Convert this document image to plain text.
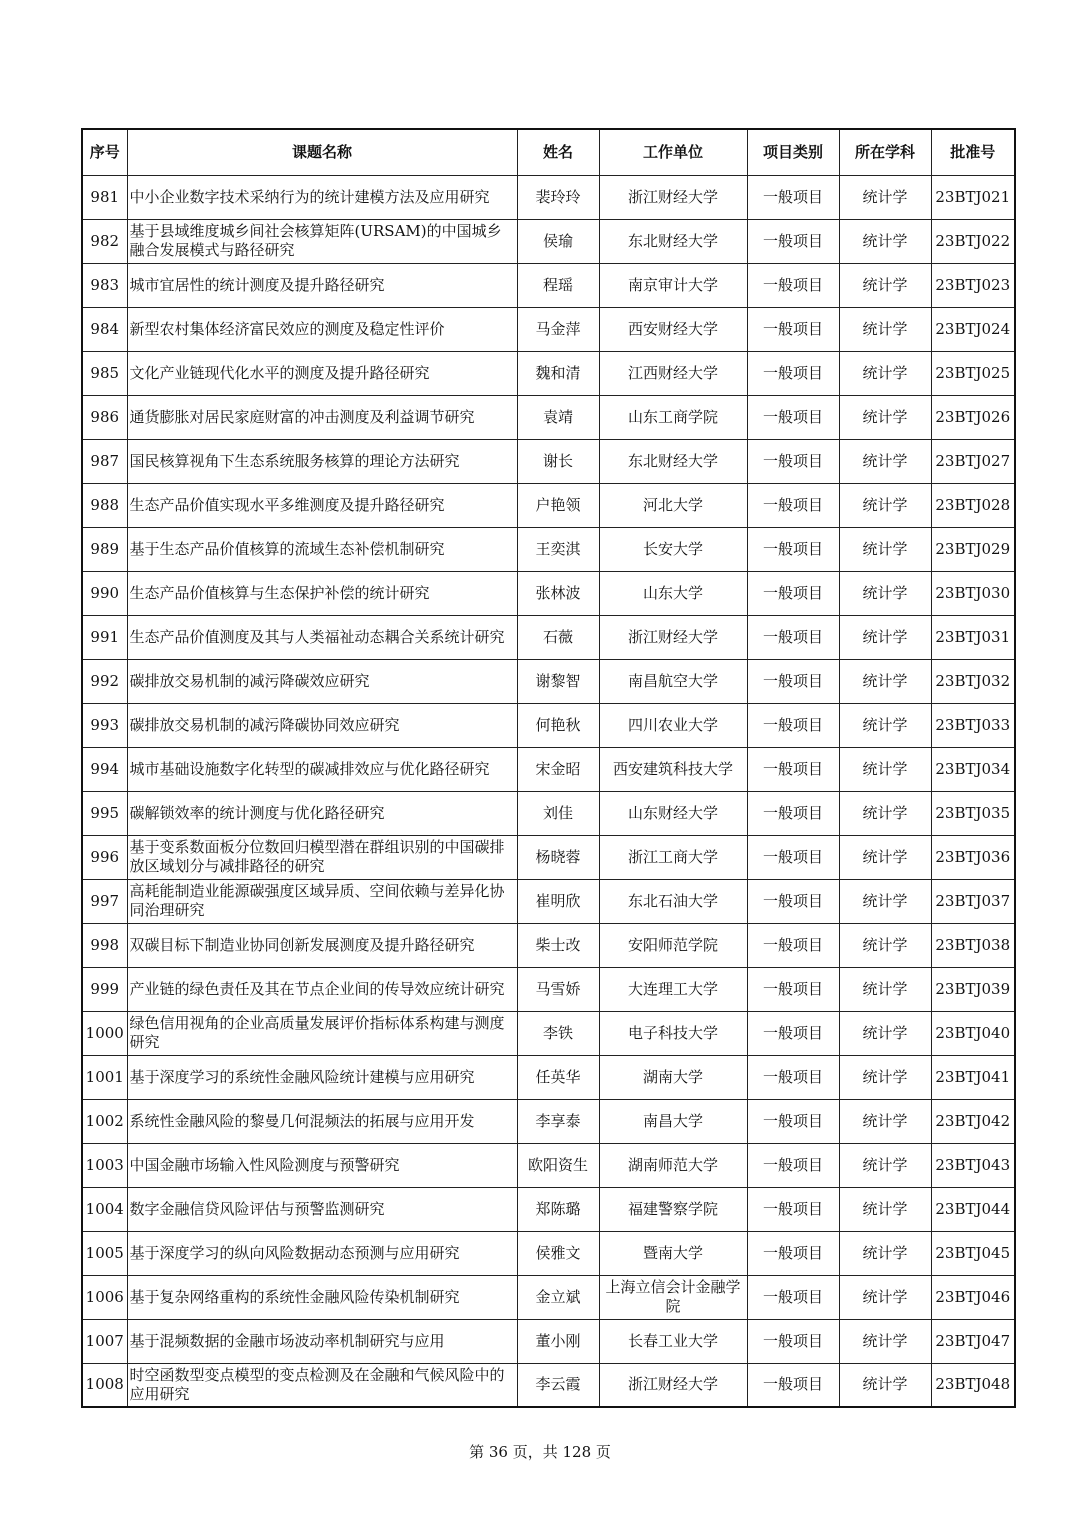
序号	课题名称	姓名	工作单位	项目类别	所在学科	批准号
981	中小企业数字技术采纳行为的统计建模方法及应用研究	裴玲玲	浙江财经大学	一般项目	统计学	23BTJ021
982	基于县域维度城乡间社会核算矩阵(URSAM)的中国城乡融合发展模式与路径研究	侯瑜	东北财经大学	一般项目	统计学	23BTJ022
983	城市宜居性的统计测度及提升路径研究	程瑶	南京审计大学	一般项目	统计学	23BTJ023
984	新型农村集体经济富民效应的测度及稳定性评价	马金萍	西安财经大学	一般项目	统计学	23BTJ024
985	文化产业链现代化水平的测度及提升路径研究	魏和清	江西财经大学	一般项目	统计学	23BTJ025
986	通货膨胀对居民家庭财富的冲击测度及利益调节研究	袁靖	山东工商学院	一般项目	统计学	23BTJ026
987	国民核算视角下生态系统服务核算的理论方法研究	谢长	东北财经大学	一般项目	统计学	23BTJ027
988	生态产品价值实现水平多维测度及提升路径研究	户艳领	河北大学	一般项目	统计学	23BTJ028
989	基于生态产品价值核算的流域生态补偿机制研究	王奕淇	长安大学	一般项目	统计学	23BTJ029
990	生态产品价值核算与生态保护补偿的统计研究	张林波	山东大学	一般项目	统计学	23BTJ030
991	生态产品价值测度及其与人类福祉动态耦合关系统计研究	石薇	浙江财经大学	一般项目	统计学	23BTJ031
992	碳排放交易机制的减污降碳效应研究	谢黎智	南昌航空大学	一般项目	统计学	23BTJ032
993	碳排放交易机制的减污降碳协同效应研究	何艳秋	四川农业大学	一般项目	统计学	23BTJ033
994	城市基础设施数字化转型的碳减排效应与优化路径研究	宋金昭	西安建筑科技大学	一般项目	统计学	23BTJ034
995	碳解锁效率的统计测度与优化路径研究	刘佳	山东财经大学	一般项目	统计学	23BTJ035
996	基于变系数面板分位数回归模型潜在群组识别的中国碳排放区域划分与减排路径的研究	杨晓蓉	浙江工商大学	一般项目	统计学	23BTJ036
997	高耗能制造业能源碳强度区域异质、空间依赖与差异化协同治理研究	崔明欣	东北石油大学	一般项目	统计学	23BTJ037
998	双碳目标下制造业协同创新发展测度及提升路径研究	柴士改	安阳师范学院	一般项目	统计学	23BTJ038
999	产业链的绿色责任及其在节点企业间的传导效应统计研究	马雪娇	大连理工大学	一般项目	统计学	23BTJ039
1000	绿色信用视角的企业高质量发展评价指标体系构建与测度研究	李铁	电子科技大学	一般项目	统计学	23BTJ040
1001	基于深度学习的系统性金融风险统计建模与应用研究	任英华	湖南大学	一般项目	统计学	23BTJ041
1002	系统性金融风险的黎曼几何混频法的拓展与应用开发	李享泰	南昌大学	一般项目	统计学	23BTJ042
1003	中国金融市场输入性风险测度与预警研究	欧阳资生	湖南师范大学	一般项目	统计学	23BTJ043
1004	数字金融信贷风险评估与预警监测研究	郑陈璐	福建警察学院	一般项目	统计学	23BTJ044
1005	基于深度学习的纵向风险数据动态预测与应用研究	侯雅文	暨南大学	一般项目	统计学	23BTJ045
1006	基于复杂网络重构的系统性金融风险传染机制研究	金立斌	上海立信会计金融学院	一般项目	统计学	23BTJ046
1007	基于混频数据的金融市场波动率机制研究与应用	董小刚	长春工业大学	一般项目	统计学	23BTJ047
1008	时空函数型变点模型的变点检测及在金融和气候风险中的应用研究	李云霞	浙江财经大学	一般项目	统计学	23BTJ048
第 36 页，共 128 页
